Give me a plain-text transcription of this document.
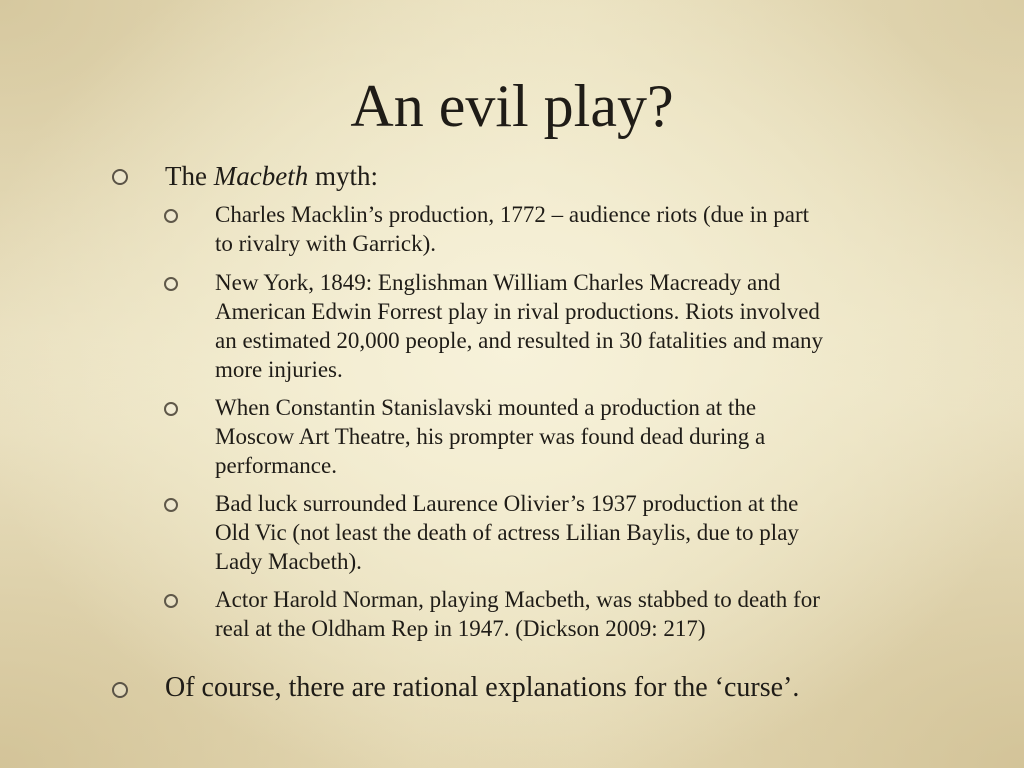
An evil play?
The Macbeth myth:
Charles Macklin’s production, 1772 – audience riots (due in part
to rivalry with Garrick).
New York, 1849: Englishman William Charles Macready and
American Edwin Forrest play in rival productions. Riots involved
an estimated 20,000 people, and resulted in 30 fatalities and many
more injuries.
When Constantin Stanislavski mounted a production at the
Moscow Art Theatre, his prompter was found dead during a
performance.
Bad luck surrounded Laurence Olivier’s 1937 production at the
Old Vic (not least the death of actress Lilian Baylis, due to play
Lady Macbeth).
Actor Harold Norman, playing Macbeth, was stabbed to death for
real at the Oldham Rep in 1947. (Dickson 2009: 217)
Of course, there are rational explanations for the ‘curse’.
